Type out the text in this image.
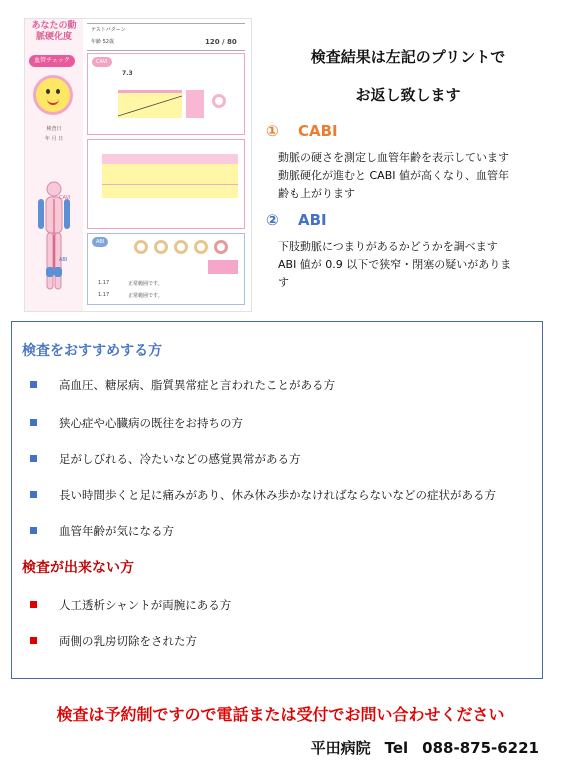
あなたの動脈硬化度
血管チェック
検査日
年 月 日
CAVI
ABI
テストパターン
年齢 52歳	120 / 80
CAVI
7.3
ABI
1.17	正常範囲です。
1.17	正常範囲です。
検査結果は左記のプリントで
お返し致します
① CABI
動脈の硬さを測定し血管年齢を表示しています
動脈硬化が進むと CABI 値が高くなり、血管年
齢も上がります
② ABI
下肢動脈につまりがあるかどうかを調べます
ABI 値が 0.9 以下で狭窄・閉塞の疑いがありま
す
検査をおすすめする方
高血圧、糖尿病、脂質異常症と言われたことがある方
狭心症や心臓病の既往をお持ちの方
足がしびれる、冷たいなどの感覚異常がある方
長い時間歩くと足に痛みがあり、休み休み歩かなければならないなどの症状がある方
血管年齢が気になる方
検査が出来ない方
人工透析シャントが両腕にある方
両側の乳房切除をされた方
検査は予約制ですので電話または受付でお問い合わせください
平田病院 Tel 088-875-6221
